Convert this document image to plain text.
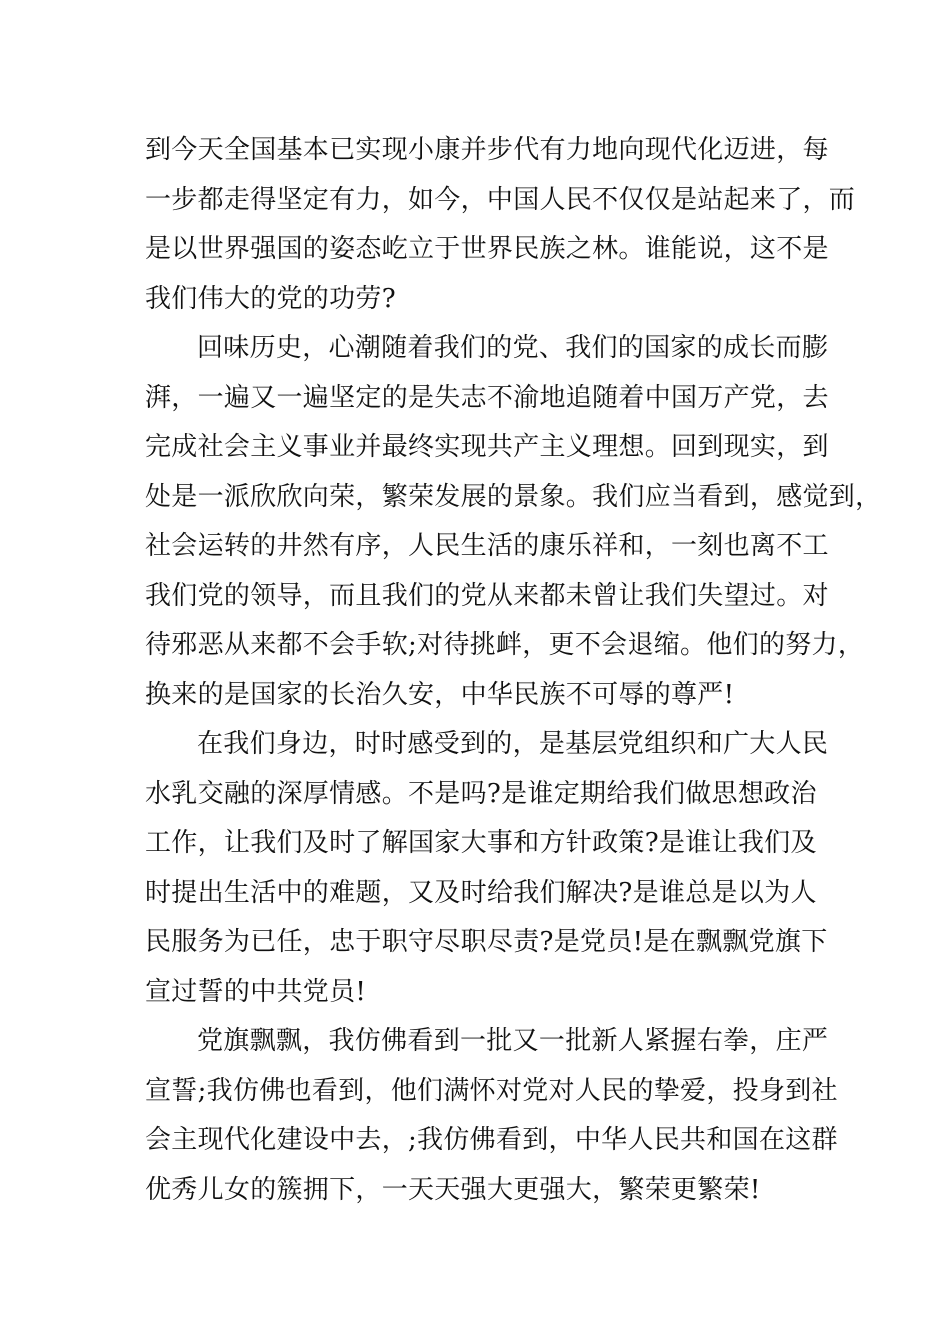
到今天全国基本已实现小康并步代有力地向现代化迈进，每
一步都走得坚定有力，如今，中国人民不仅仅是站起来了，而
是以世界强国的姿态屹立于世界民族之林。谁能说，这不是
我们伟大的党的功劳?
回味历史，心潮随着我们的党、我们的国家的成长而膨
湃，一遍又一遍坚定的是失志不渝地追随着中国万产党，去
完成社会主义事业并最终实现共产主义理想。回到现实，到
处是一派欣欣向荣，繁荣发展的景象。我们应当看到，感觉到，
社会运转的井然有序，人民生活的康乐祥和，一刻也离不工
我们党的领导，而且我们的党从来都未曾让我们失望过。对
待邪恶从来都不会手软;对待挑衅，更不会退缩。他们的努力，
换来的是国家的长治久安，中华民族不可辱的尊严!
在我们身边，时时感受到的，是基层党组织和广大人民
水乳交融的深厚情感。不是吗?是谁定期给我们做思想政治
工作，让我们及时了解国家大事和方针政策?是谁让我们及
时提出生活中的难题，又及时给我们解决?是谁总是以为人
民服务为已任，忠于职守尽职尽责?是党员!是在飘飘党旗下
宣过誓的中共党员!
党旗飘飘，我仿佛看到一批又一批新人紧握右拳，庄严
宣誓;我仿佛也看到，他们满怀对党对人民的挚爱，投身到社
会主现代化建设中去，;我仿佛看到，中华人民共和国在这群
优秀儿女的簇拥下，一天天强大更强大，繁荣更繁荣!
